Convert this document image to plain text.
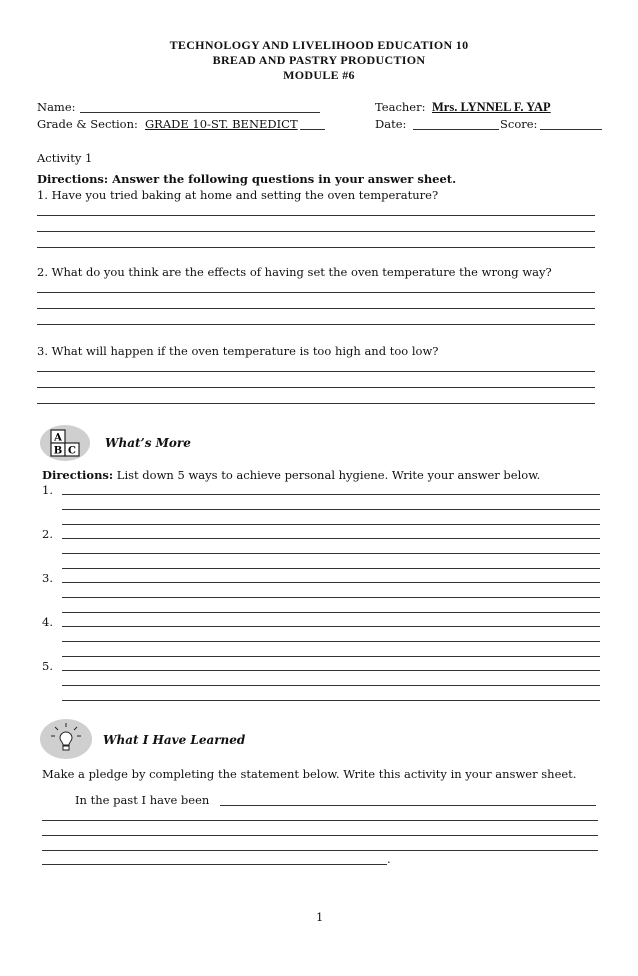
TECHNOLOGY AND LIVELIHOOD EDUCATION 10
BREAD AND PASTRY PRODUCTION
MODULE #6
Name:
Grade & Section: GRADE 10-ST. BENEDICT
Teacher: Mrs. LYNNEL F. YAP
Date:	Score:
Activity 1
Directions: Answer the following questions in your answer sheet.
1. Have you tried baking at home and setting the oven temperature?
2. What do you think are the effects of having set the oven temperature the wrong way?
3. What will happen if the oven temperature is too high and too low?
A
B C
What’s More
Directions: List down 5 ways to achieve personal hygiene. Write your answer below.
1.
2.
3.
4.
5.
What I Have Learned
Make a pledge by completing the statement below. Write this activity in your answer sheet.
In the past I have been
.
1
